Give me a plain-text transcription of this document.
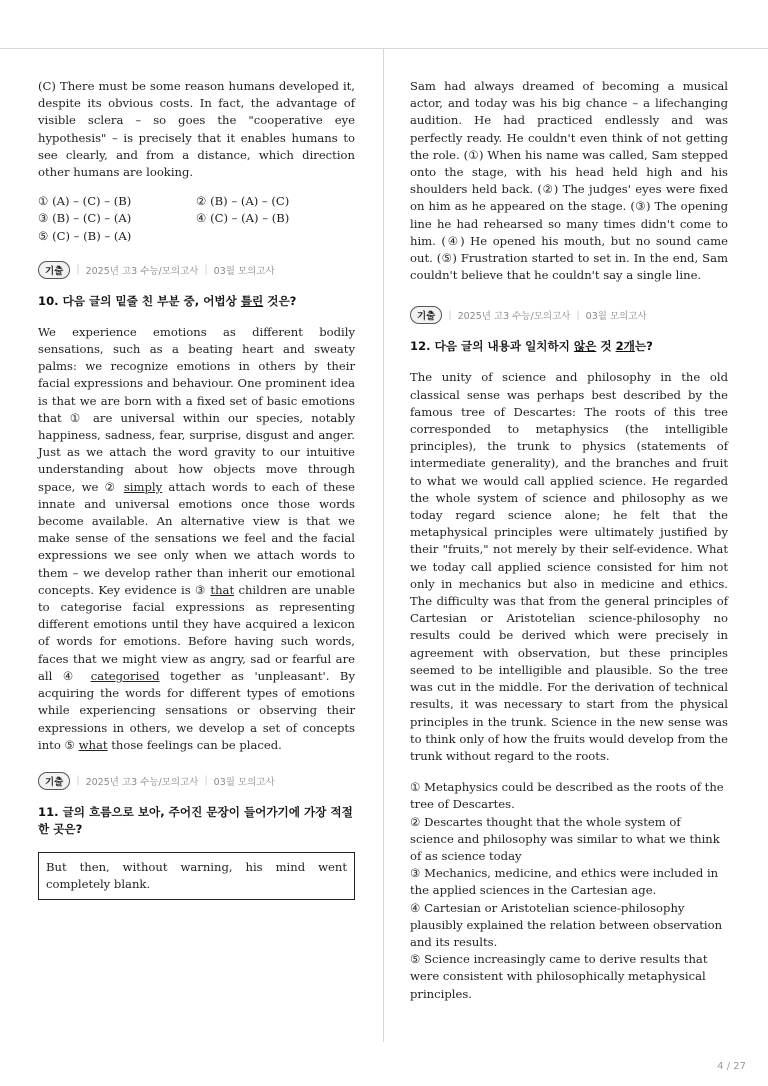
(C) There must be some reason humans developed it, despite its obvious costs. In fact, the advantage of visible sclera – so goes the "cooperative eye hypothesis" – is precisely that it enables humans to see clearly, and from a distance, which direction other humans are looking.

① (A) – (C) – (B)	② (B) – (A) – (C)
③ (B) – (C) – (A)	④ (C) – (A) – (B)
⑤ (C) – (B) – (A)
기출	| 2025년 고3 수능/모의고사 | 03월 모의고사
10. 다음 글의 밑줄 친 부분 중, 어법상 틀린 것은?

We experience emotions as different bodily sensations, such as a beating heart and sweaty palms: we recognize emotions in others by their facial expressions and behaviour. One prominent idea is that we are born with a fixed set of basic emotions that ① are universal within our species, notably happiness, sadness, fear, surprise, disgust and anger. Just as we attach the word gravity to our intuitive understanding about how objects move through space, we ② simply attach words to each of these innate and universal emotions once those words become available. An alternative view is that we make sense of the sensations we feel and the facial expressions we see only when we attach words to them – we develop rather than inherit our emotional concepts. Key evidence is ③ that children are unable to categorise facial expressions as representing different emotions until they have acquired a lexicon of words for emotions. Before having such words, faces that we might view as angry, sad or fearful are all ④ categorised together as 'unpleasant'. By acquiring the words for different types of emotions while experiencing sensations or observing their expressions in others, we develop a set of concepts into ⑤ what those feelings can be placed.

기출	| 2025년 고3 수능/모의고사 | 03월 모의고사
11. 글의 흐름으로 보아, 주어진 문장이 들어가기에 가장 적절한 곳은?
But then, without warning, his mind went completely blank.

Sam had always dreamed of becoming a musical actor, and today was his big chance – a lifechanging audition. He had practiced endlessly and was perfectly ready. He couldn't even think of not getting the role. (①) When his name was called, Sam stepped onto the stage, with his head held high and his shoulders held back. (②) The judges' eyes were fixed on him as he appeared on the stage. (③) The opening line he had rehearsed so many times didn't come to him. (④) He opened his mouth, but no sound came out. (⑤) Frustration started to set in. In the end, Sam couldn't believe that he couldn't say a single line.

기출	| 2025년 고3 수능/모의고사 | 03월 모의고사
12. 다음 글의 내용과 일치하지 않은 것 2개는?

The unity of science and philosophy in the old classical sense was perhaps best described by the famous tree of Descartes: The roots of this tree corresponded to metaphysics (the intelligible principles), the trunk to physics (statements of intermediate generality), and the branches and fruit to what we would call applied science. He regarded the whole system of science and philosophy as we today regard science alone; he felt that the metaphysical principles were ultimately justified by their "fruits," not merely by their self-evidence. What we today call applied science consisted for him not only in mechanics but also in medicine and ethics. The difficulty was that from the general principles of Cartesian or Aristotelian science-philosophy no results could be derived which were precisely in agreement with observation, but these principles seemed to be intelligible and plausible. So the tree was cut in the middle. For the derivation of technical results, it was necessary to start from the physical principles in the trunk. Science in the new sense was to think only of how the fruits would develop from the trunk without regard to the roots.

① Metaphysics could be described as the roots of the tree of Descartes.
② Descartes thought that the whole system of science and philosophy was similar to what we think of as science today
③ Mechanics, medicine, and ethics were included in the applied sciences in the Cartesian age.
④ Cartesian or Aristotelian science-philosophy plausibly explained the relation between observation and its results.
⑤ Science increasingly came to derive results that were consistent with philosophically metaphysical principles.
4 / 27
